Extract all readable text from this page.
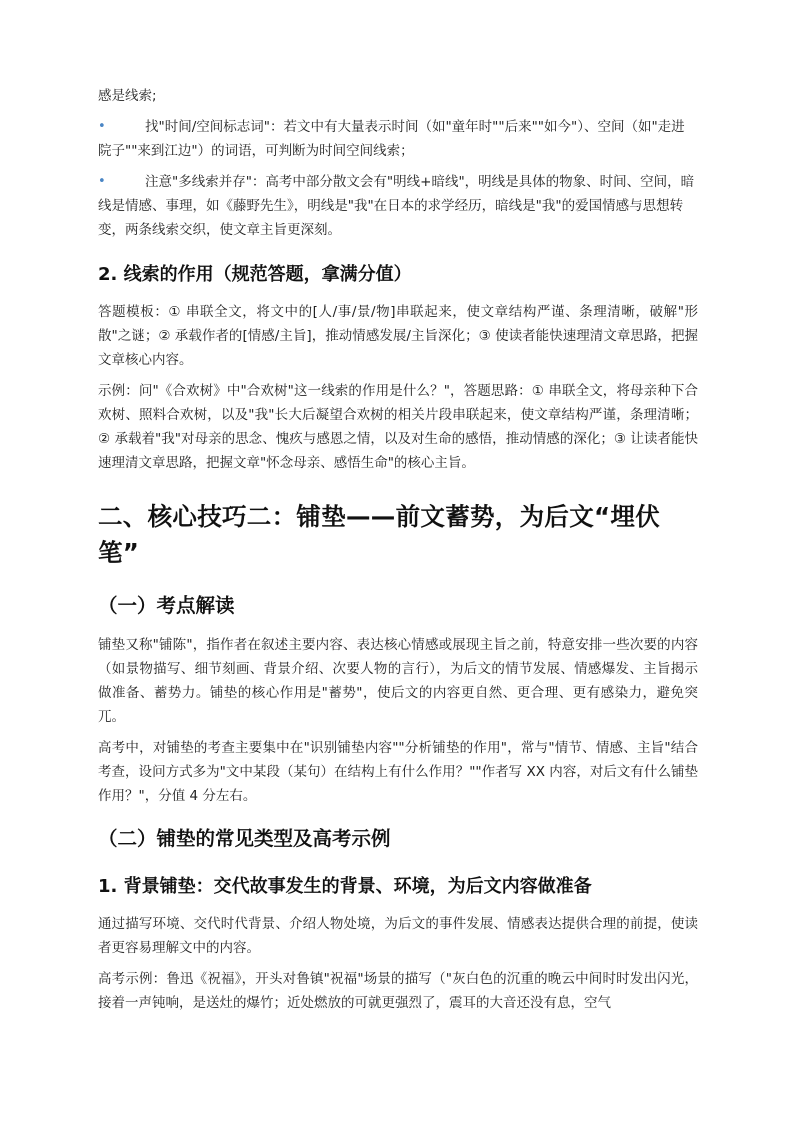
感是线索;

•	找"时间/空间标志词"：若文中有大量表示时间（如"童年时""后来""如今"）、空间（如"走进院子""来到江边"）的词语，可判断为时间空间线索；
•	注意"多线索并存"：高考中部分散文会有"明线+暗线"，明线是具体的物象、时间、空间，暗线是情感、事理，如《藤野先生》，明线是"我"在日本的求学经历，暗线是"我"的爱国情感与思想转变，两条线索交织，使文章主旨更深刻。
2. 线索的作用（规范答题，拿满分值）

答题模板：① 串联全文，将文中的[人/事/景/物]串联起来，使文章结构严谨、条理清晰，破解"形散"之谜；② 承载作者的[情感/主旨]，推动情感发展/主旨深化；③ 使读者能快速理清文章思路，把握文章核心内容。

示例：问"《合欢树》中"合欢树"这一线索的作用是什么？"，答题思路：① 串联全文，将母亲种下合欢树、照料合欢树，以及"我"长大后凝望合欢树的相关片段串联起来，使文章结构严谨，条理清晰；② 承载着"我"对母亲的思念、愧疚与感恩之情，以及对生命的感悟，推动情感的深化；③ 让读者能快速理清文章思路，把握文章"怀念母亲、感悟生命"的核心主旨。

二、核心技巧二：铺垫——前文蓄势，为后文“埋伏笔”
（一）考点解读

铺垫又称"铺陈"，指作者在叙述主要内容、表达核心情感或展现主旨之前，特意安排一些次要的内容（如景物描写、细节刻画、背景介绍、次要人物的言行），为后文的情节发展、情感爆发、主旨揭示做准备、蓄势力。铺垫的核心作用是"蓄势"，使后文的内容更自然、更合理、更有感染力，避免突兀。

高考中，对铺垫的考查主要集中在"识别铺垫内容""分析铺垫的作用"，常与"情节、情感、主旨"结合考查，设问方式多为"文中某段（某句）在结构上有什么作用？""作者写 XX 内容，对后文有什么铺垫作用？"，分值 4 分左右。

（二）铺垫的常见类型及高考示例
1. 背景铺垫：交代故事发生的背景、环境，为后文内容做准备

通过描写环境、交代时代背景、介绍人物处境，为后文的事件发展、情感表达提供合理的前提，使读者更容易理解文中的内容。

高考示例：鲁迅《祝福》，开头对鲁镇"祝福"场景的描写（"灰白色的沉重的晚云中间时时发出闪光，接着一声钝响，是送灶的爆竹；近处燃放的可就更强烈了，震耳的大音还没有息，空气
